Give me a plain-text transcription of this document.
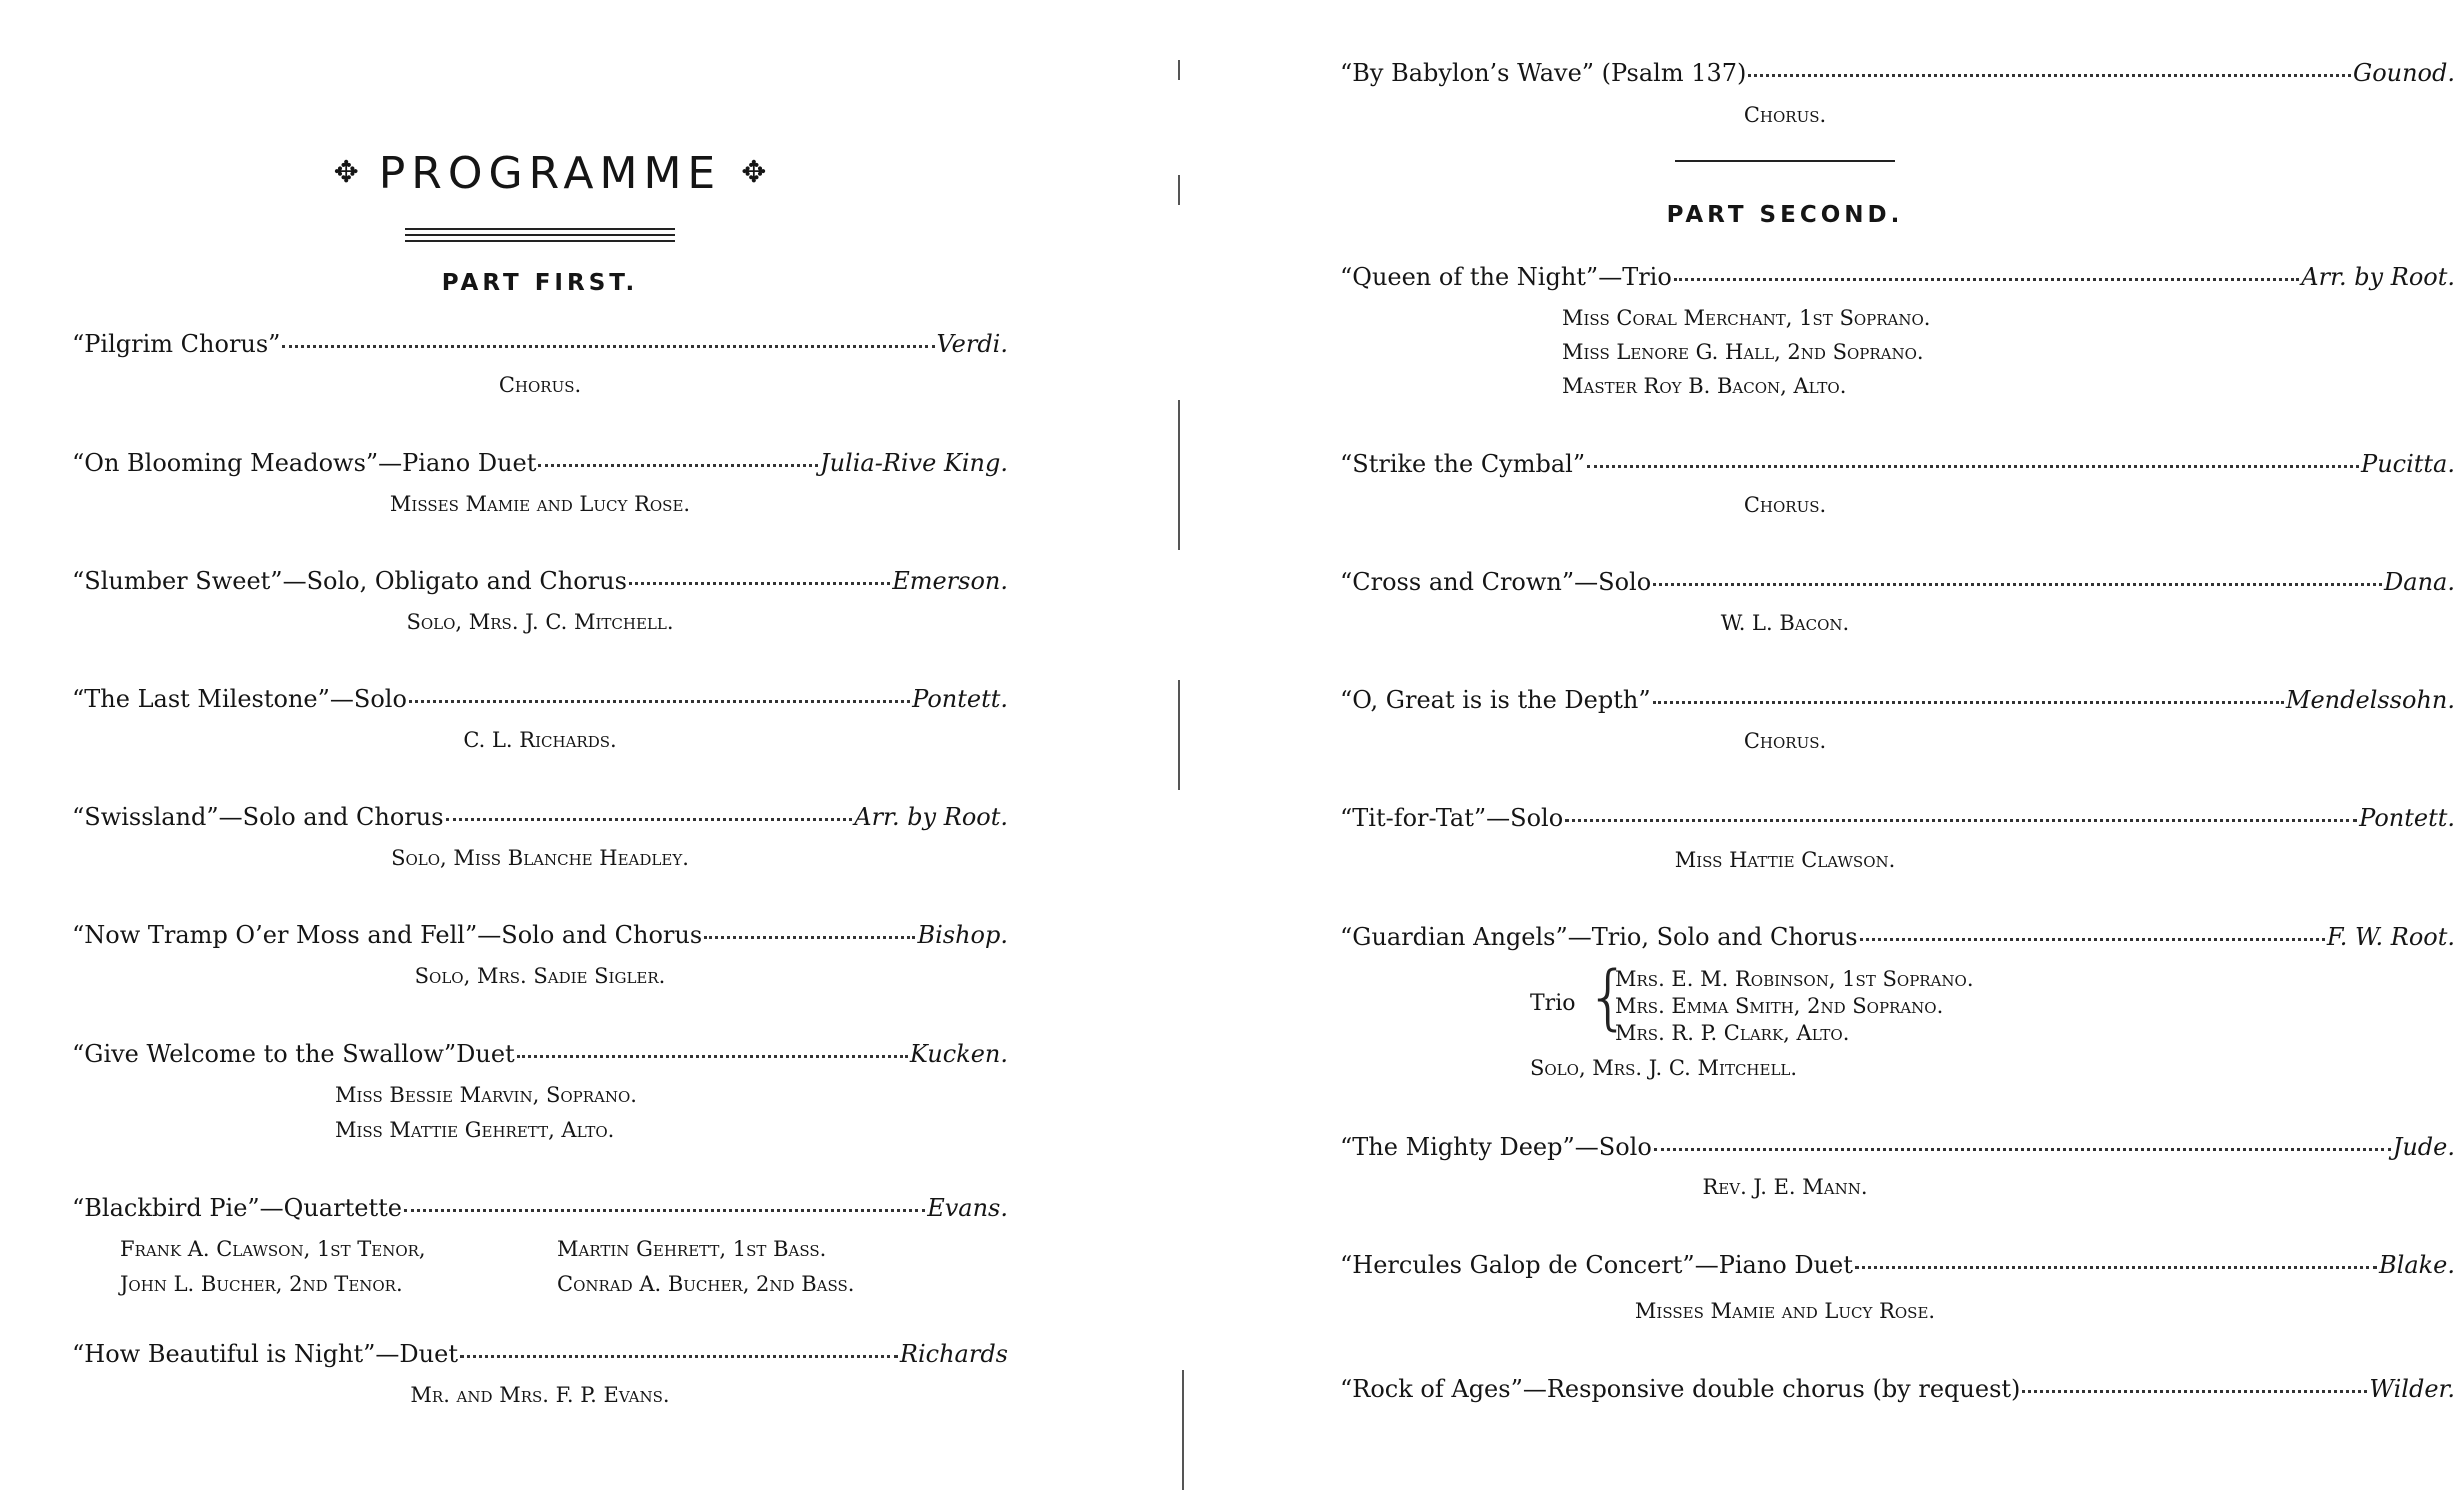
✥ PROGRAMME ✥
PART FIRST.
“Pilgrim Chorus”	Verdi.
Chorus.
“On Blooming Meadows”—Piano Duet	Julia-Rive King.
Misses Mamie and Lucy Rose.
“Slumber Sweet”—Solo, Obligato and Chorus	Emerson.
Solo, Mrs. J. C. Mitchell.
“The Last Milestone”—Solo	Pontett.
C. L. Richards.
“Swissland”—Solo and Chorus	Arr. by Root.
Solo, Miss Blanche Headley.
“Now Tramp O’er Moss and Fell”—Solo and Chorus	Bishop.
Solo, Mrs. Sadie Sigler.
“Give Welcome to the Swallow”Duet	Kucken.
Miss Bessie Marvin, Soprano.
Miss Mattie Gehrett, Alto.
“Blackbird Pie”—Quartette	Evans.
Frank A. Clawson, 1st Tenor,	Martin Gehrett, 1st Bass.
John L. Bucher, 2nd Tenor.	Conrad A. Bucher, 2nd Bass.
“How Beautiful is Night”—Duet	Richards
Mr. and Mrs. F. P. Evans.
“By Babylon’s Wave” (Psalm 137)	Gounod.
Chorus.
PART SECOND.
“Queen of the Night”—Trio	Arr. by Root.
Miss Coral Merchant, 1st Soprano.
Miss Lenore G. Hall, 2nd Soprano.
Master Roy B. Bacon, Alto.
“Strike the Cymbal”	Pucitta.
Chorus.
“Cross and Crown”—Solo	Dana.
W. L. Bacon.
“O, Great is is the Depth”	Mendelssohn.
Chorus.
“Tit-for-Tat”—Solo	Pontett.
Miss Hattie Clawson.
“Guardian Angels”—Trio, Solo and Chorus	F. W. Root.
Trio {
Mrs. E. M. Robinson, 1st Soprano.
Mrs. Emma Smith, 2nd Soprano.
Mrs. R. P. Clark, Alto.
Solo, Mrs. J. C. Mitchell.
“The Mighty Deep”—Solo	Jude.
Rev. J. E. Mann.
“Hercules Galop de Concert”—Piano Duet	Blake.
Misses Mamie and Lucy Rose.
“Rock of Ages”—Responsive double chorus (by request)	Wilder.
